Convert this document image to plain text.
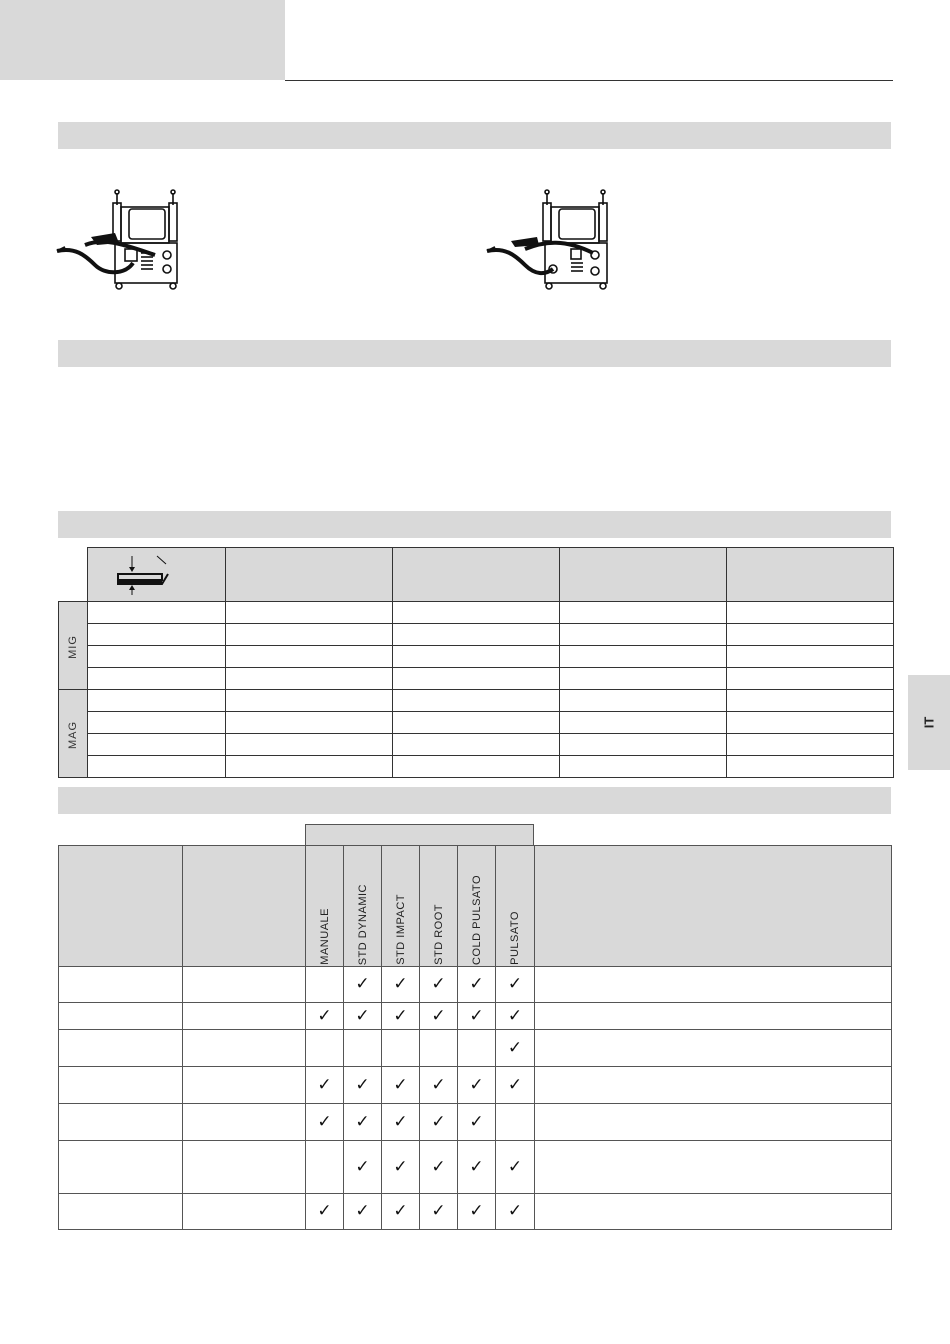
MIG					

MAG					

		MANUALE	STD DYNAMIC	STD IMPACT	STD ROOT	COLD PULSATO	PULSATO	

			✓	✓	✓	✓	✓	
		✓	✓	✓	✓	✓	✓	
							✓	
		✓	✓	✓	✓	✓	✓	
		✓	✓	✓	✓	✓		
			✓	✓	✓	✓	✓	
		✓	✓	✓	✓	✓	✓	
IT
